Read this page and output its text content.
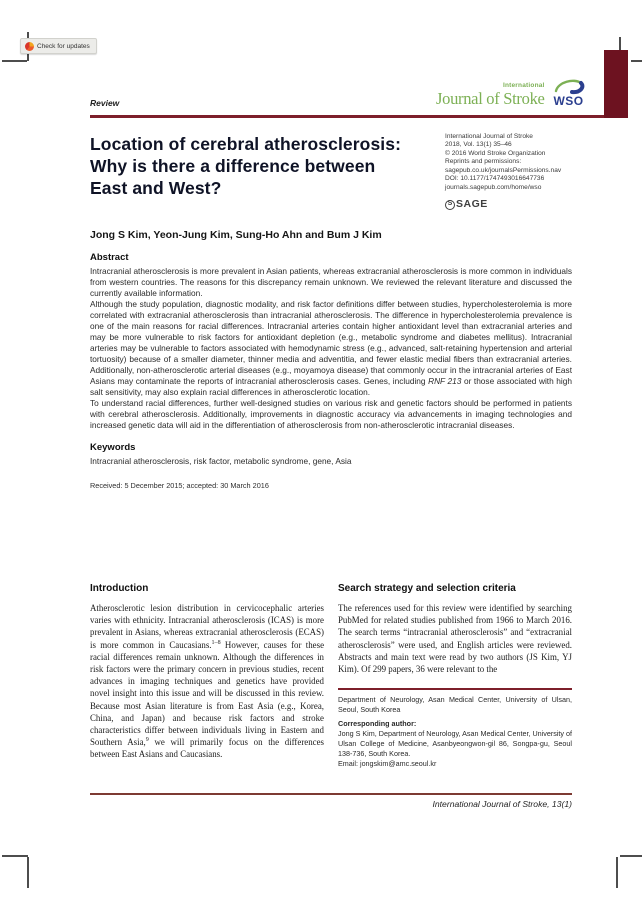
Check for updates
Review
International
Journal of Stroke WSO
International Journal of Stroke
2018, Vol. 13(1) 35–46
© 2016 World Stroke Organization
Reprints and permissions:
sagepub.co.uk/journalsPermissions.nav
DOI: 10.1177/1747493016647736
journals.sagepub.com/home/wso
S SAGE
Location of cerebral atherosclerosis:
Why is there a difference between
East and West?
Jong S Kim, Yeon-Jung Kim, Sung-Ho Ahn and Bum J Kim
Abstract

Intracranial atherosclerosis is more prevalent in Asian patients, whereas extracranial atherosclerosis is more common in individuals from western countries. The reasons for this discrepancy remain unknown. We reviewed the relevant literature and discussed the currently available information.

Although the study population, diagnostic modality, and risk factor definitions differ between studies, hypercholesterolemia is more correlated with extracranial atherosclerosis than intracranial atherosclerosis. The difference in hypercholesterolemia prevalence is one of the main reasons for racial differences. Intracranial arteries contain higher antioxidant level than extracranial arteries and may be more vulnerable to risk factors for antioxidant depletion (e.g., metabolic syndrome and diabetes mellitus). Intracranial arteries may be vulnerable to factors associated with hemodynamic stress (e.g., advanced, salt-retaining hypertension and arterial tortuosity) because of a smaller diameter, thinner media and adventitia, and fewer elastic medial fibers than extracranial arteries. Additionally, non-atherosclerotic arterial diseases (e.g., moyamoya disease) that commonly occur in the intracranial arteries of East Asians may contaminate the reports of intracranial atherosclerosis cases. Genes, including RNF 213 or those associated with high salt sensitivity, may also explain racial differences in atherosclerotic location.

To understand racial differences, further well-designed studies on various risk and genetic factors should be performed in patients with cerebral atherosclerosis. Additionally, improvements in diagnostic accuracy via advancements in imaging technologies and increased genetic data will aid in the differentiation of atherosclerosis from non-atherosclerotic intracranial diseases.

Keywords
Intracranial atherosclerosis, risk factor, metabolic syndrome, gene, Asia
Received: 5 December 2015; accepted: 30 March 2016
Introduction

Atherosclerotic lesion distribution in cervicocephalic arteries varies with ethnicity. Intracranial atherosclerosis (ICAS) is more prevalent in Asians, whereas extracranial atherosclerosis (ECAS) is more common in Caucasians.$^{1-8}$ However, causes for these racial differences remain unknown. Although the differences in risk factors were the primary concern in previous studies, recent advances in imaging techniques and genetics have provided novel insight into this issue and will be discussed in this review. Because most Asian literature is from East Asia (e.g., Korea, China, and Japan) and because risk factors and stroke characteristics differ between individuals living in Eastern and Southern Asia,$^9$ we will primarily focus on the differences between East Asians and Caucasians.

Search strategy and selection criteria

The references used for this review were identified by searching PubMed for related studies published from 1966 to March 2016. The search terms “intracranial atherosclerosis” and “extracranial atherosclerosis” were used, and English articles were reviewed. Abstracts and main text were read by two authors (JS Kim, YJ Kim). Of 299 papers, 36 were relevant to the

Department of Neurology, Asan Medical Center, University of Ulsan, Seoul, South Korea
Corresponding author:
Jong S Kim, Department of Neurology, Asan Medical Center, University of Ulsan College of Medicine, Asanbyeongwon-gil 86, Songpa-gu, Seoul 138-736, South Korea.
Email: jongskim@amc.seoul.kr
International Journal of Stroke, 13(1)
